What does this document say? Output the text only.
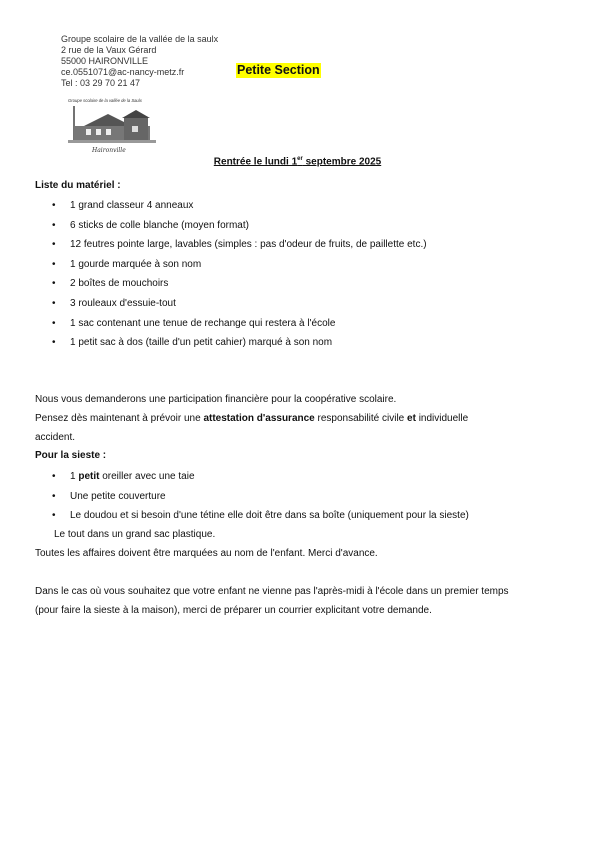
Groupe scolaire de la vallée de la saulx
2 rue de la Vaux Gérard
55000 HAIRONVILLE
ce.0551071@ac-nancy-metz.fr
Tel : 03 29 70 21 47
Petite Section
Groupe scolaire de la vallée de la Saulx
Haironville
Rentrée le lundi 1er septembre 2025
Liste du matériel :
• 1 grand classeur 4 anneaux
• 6 sticks de colle blanche (moyen format)
• 12 feutres pointe large, lavables (simples : pas d'odeur de fruits, de paillette etc.)
• 1 gourde marquée à son nom
• 2 boîtes de mouchoirs
• 3 rouleaux d'essuie-tout
• 1 sac contenant une tenue de rechange qui restera à l'école
• 1 petit sac à dos (taille d'un petit cahier) marqué à son nom
Nous vous demanderons une participation financière pour la coopérative scolaire.
Pensez dès maintenant à prévoir une attestation d'assurance responsabilité civile et individuelle
accident.
Pour la sieste :
• 1 petit oreiller avec une taie
• Une petite couverture
• Le doudou et si besoin d'une tétine elle doit être dans sa boîte (uniquement pour la sieste)
Le tout dans un grand sac plastique.
Toutes les affaires doivent être marquées au nom de l'enfant. Merci d'avance.
Dans le cas où vous souhaitez que votre enfant ne vienne pas l'après-midi à l'école dans un premier temps
(pour faire la sieste à la maison), merci de préparer un courrier explicitant votre demande.
